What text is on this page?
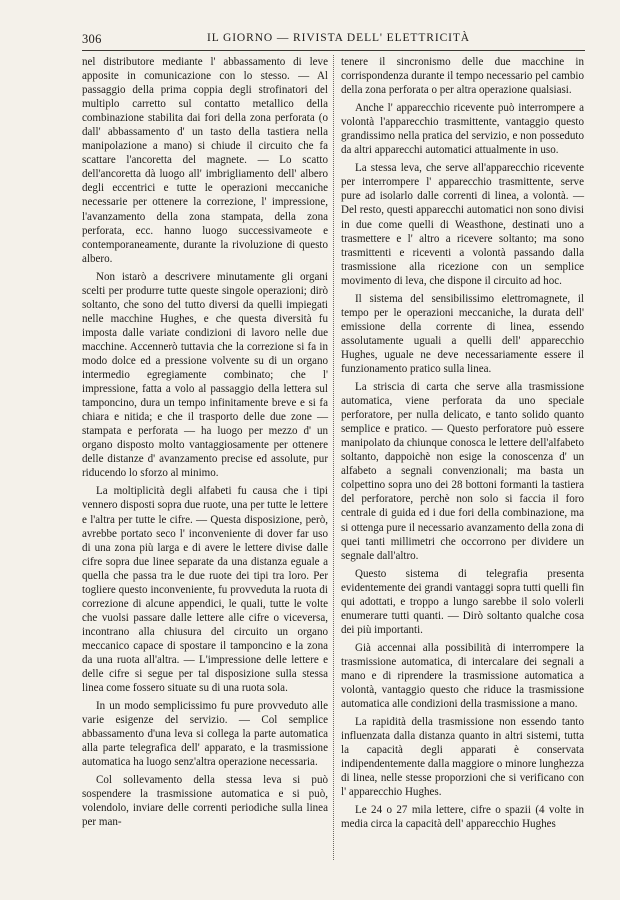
306	IL GIORNO — RIVISTA DELL' ELETTRICITÀ

nel distributore mediante l' abbassamento di leve apposite in comunicazione con lo stesso. — Al passaggio della prima coppia degli strofinatori del multiplo carretto sul contatto metallico della combinazione stabilita dai fori della zona perforata (o dall' abbassamento d' un tasto della tastiera nella manipolazione a mano) si chiude il circuito che fa scattare l'ancoretta del magnete. — Lo scatto dell'ancoretta dà luogo all' imbrigliamento dell' albero degli eccentrici e tutte le operazioni meccaniche necessarie per ottenere la correzione, l' impressione, l'avanzamento della zona stampata, della zona perforata, ecc. hanno luogo successivameote e contemporaneamente, durante la rivoluzione di questo albero.

Non istarò a descrivere minutamente gli organi scelti per produrre tutte queste singole operazioni; dirò soltanto, che sono del tutto diversi da quelli impiegati nelle macchine Hughes, e che questa diversità fu imposta dalle variate condizioni di lavoro nelle due macchine. Accennerò tuttavia che la correzione si fa in modo dolce ed a pressione volvente su di un organo intermedio egregiamente combinato; che l' impressione, fatta a volo al passaggio della lettera sul tamponcino, dura un tempo infinitamente breve e si fa chiara e nitida; e che il trasporto delle due zone — stampata e perforata — ha luogo per mezzo d' un organo disposto molto vantaggiosamente per ottenere delle distanze d' avanzamento precise ed assolute, pur riducendo lo sforzo al minimo.

La moltiplicità degli alfabeti fu causa che i tipi vennero disposti sopra due ruote, una per tutte le lettere e l'altra per tutte le cifre. — Questa disposizione, però, avrebbe portato seco l' inconveniente di dover far uso di una zona più larga e di avere le lettere divise dalle cifre sopra due linee separate da una distanza eguale a quella che passa tra le due ruote dei tipi tra loro. Per togliere questo inconveniente, fu provveduta la ruota di correzione di alcune appendici, le quali, tutte le volte che vuolsi passare dalle lettere alle cifre o viceversa, incontrano alla chiusura del circuito un organo meccanico capace di spostare il tamponcino e la zona da una ruota all'altra. — L'impressione delle lettere e delle cifre si segue per tal disposizione sulla stessa linea come fossero situate su di una ruota sola.

In un modo semplicissimo fu pure provveduto alle varie esigenze del servizio. — Col semplice abbassamento d'una leva si collega la parte automatica alla parte telegrafica dell' apparato, e la trasmissione automatica ha luogo senz'altra operazione necessaria.

Col sollevamento della stessa leva si può sospendere la trasmissione automatica e si può, volendolo, inviare delle correnti periodiche sulla linea per man-

tenere il sincronismo delle due macchine in corrispondenza durante il tempo necessario pel cambio della zona perforata o per altra operazione qualsiasi.

Anche l' apparecchio ricevente può interrompere a volontà l'apparecchio trasmittente, vantaggio questo grandissimo nella pratica del servizio, e non posseduto da altri apparecchi automatici attualmente in uso.

La stessa leva, che serve all'apparecchio ricevente per interrompere l' apparecchio trasmittente, serve pure ad isolarlo dalle correnti di linea, a volontà. — Del resto, questi apparecchi automatici non sono divisi in due come quelli di Weasthone, destinati uno a trasmettere e l' altro a ricevere soltanto; ma sono trasmittenti e riceventi a volontà passando dalla trasmissione alla ricezione con un semplice movimento di leva, che dispone il circuito ad hoc.

Il sistema del sensibilissimo elettromagnete, il tempo per le operazioni meccaniche, la durata dell' emissione della corrente di linea, essendo assolutamente uguali a quelli dell' apparecchio Hughes, uguale ne deve necessariamente essere il funzionamento pratico sulla linea.

La striscia di carta che serve alla trasmissione automatica, viene perforata da uno speciale perforatore, per nulla delicato, e tanto solido quanto semplice e pratico. — Questo perforatore può essere manipolato da chiunque conosca le lettere dell'alfabeto soltanto, dappoichè non esige la conoscenza d' un alfabeto a segnali convenzionali; ma basta un colpettino sopra uno dei 28 bottoni formanti la tastiera del perforatore, perchè non solo si faccia il foro centrale di guida ed i due fori della combinazione, ma si ottenga pure il necessario avanzamento della zona di quei tanti millimetri che occorrono per dividere un segnale dall'altro.

Questo sistema di telegrafia presenta evidentemente dei grandi vantaggi sopra tutti quelli fin qui adottati, e troppo a lungo sarebbe il solo volerli enumerare tutti quanti. — Dirò soltanto qualche cosa dei più importanti.

Già accennai alla possibilità di interrompere la trasmissione automatica, di intercalare dei segnali a mano e di riprendere la trasmissione automatica a volontà, vantaggio questo che riduce la trasmissione automatica alle condizioni della trasmissione a mano.

La rapidità della trasmissione non essendo tanto influenzata dalla distanza quanto in altri sistemi, tutta la capacità degli apparati è conservata indipendentemente dalla maggiore o minore lunghezza di linea, nelle stesse proporzioni che si verificano con l' apparecchio Hughes.

Le 24 o 27 mila lettere, cifre o spazii (4 volte in media circa la capacità dell' apparecchio Hughes
